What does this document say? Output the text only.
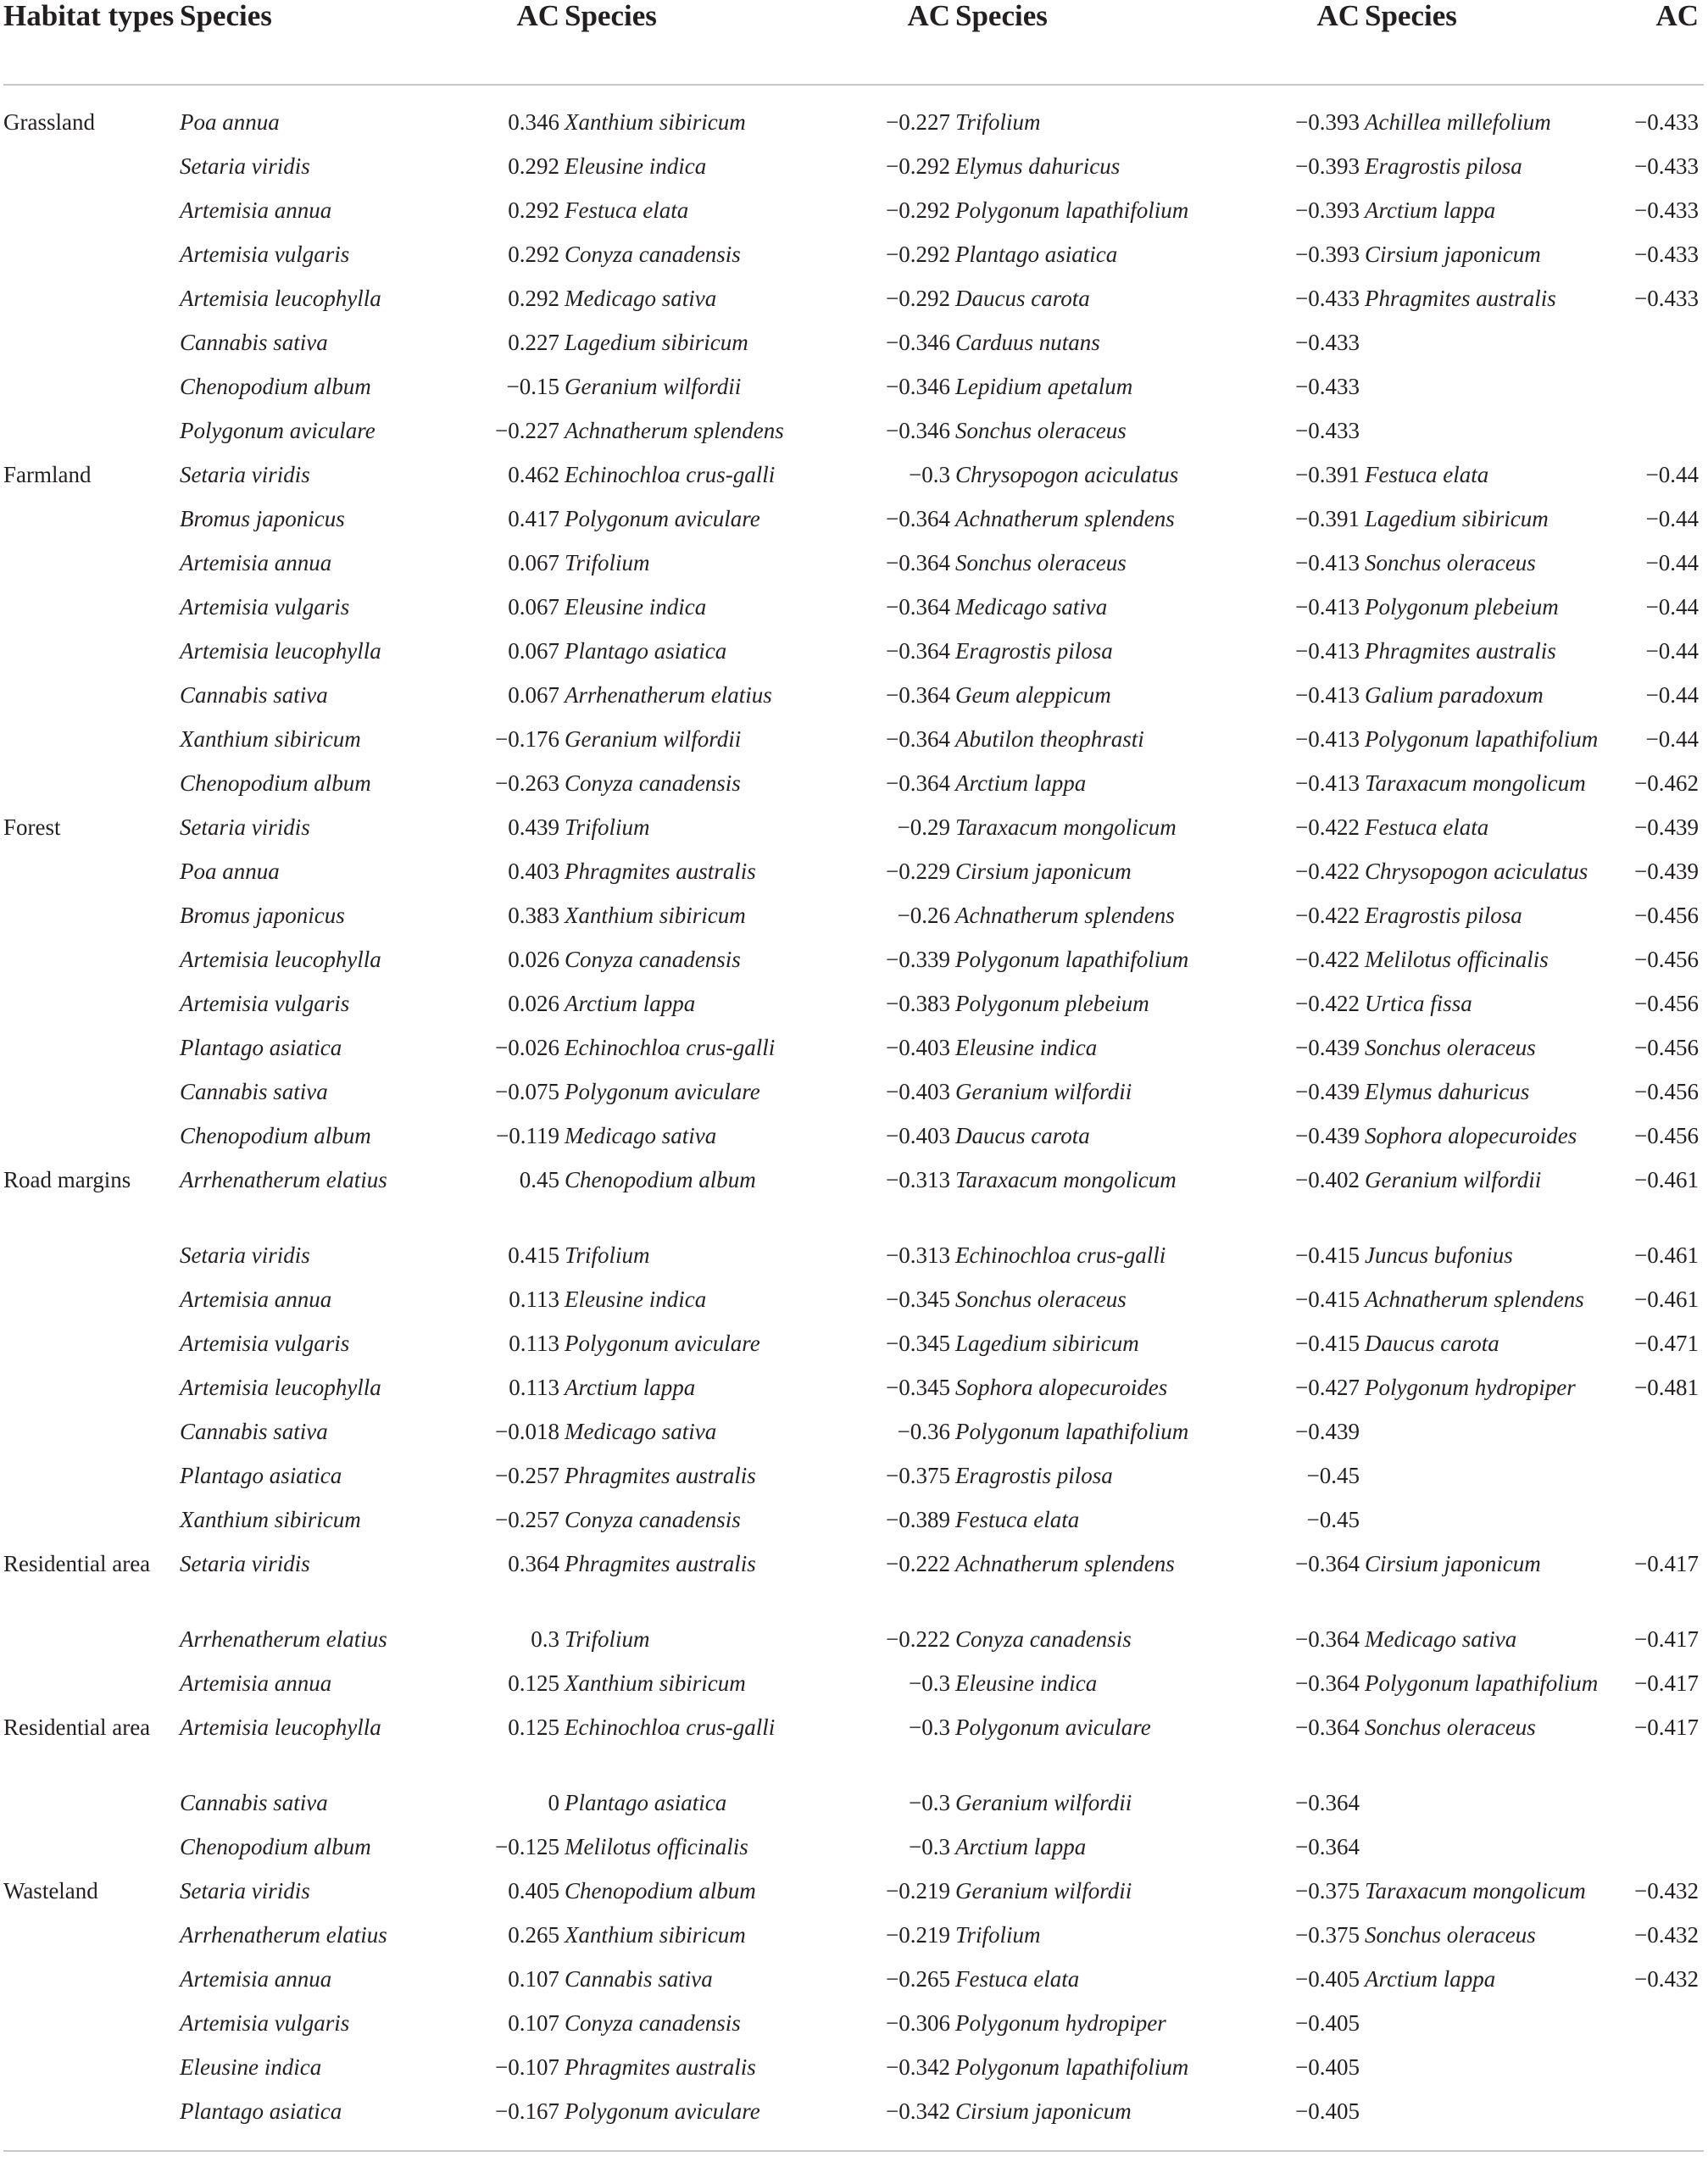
Habitat types	Species	AC	Species	AC	Species	AC	Species	AC
Grassland	Poa annua	0.346	Xanthium sibiricum	−0.227	Trifolium	−0.393	Achillea millefolium	−0.433
	Setaria viridis	0.292	Eleusine indica	−0.292	Elymus dahuricus	−0.393	Eragrostis pilosa	−0.433
	Artemisia annua	0.292	Festuca elata	−0.292	Polygonum lapathifolium	−0.393	Arctium lappa	−0.433
	Artemisia vulgaris	0.292	Conyza canadensis	−0.292	Plantago asiatica	−0.393	Cirsium japonicum	−0.433
	Artemisia leucophylla	0.292	Medicago sativa	−0.292	Daucus carota	−0.433	Phragmites australis	−0.433
	Cannabis sativa	0.227	Lagedium sibiricum	−0.346	Carduus nutans	−0.433		
	Chenopodium album	−0.15	Geranium wilfordii	−0.346	Lepidium apetalum	−0.433		
	Polygonum aviculare	−0.227	Achnatherum splendens	−0.346	Sonchus oleraceus	−0.433		
Farmland	Setaria viridis	0.462	Echinochloa crus-galli	−0.3	Chrysopogon aciculatus	−0.391	Festuca elata	−0.44
	Bromus japonicus	0.417	Polygonum aviculare	−0.364	Achnatherum splendens	−0.391	Lagedium sibiricum	−0.44
	Artemisia annua	0.067	Trifolium	−0.364	Sonchus oleraceus	−0.413	Sonchus oleraceus	−0.44
	Artemisia vulgaris	0.067	Eleusine indica	−0.364	Medicago sativa	−0.413	Polygonum plebeium	−0.44
	Artemisia leucophylla	0.067	Plantago asiatica	−0.364	Eragrostis pilosa	−0.413	Phragmites australis	−0.44
	Cannabis sativa	0.067	Arrhenatherum elatius	−0.364	Geum aleppicum	−0.413	Galium paradoxum	−0.44
	Xanthium sibiricum	−0.176	Geranium wilfordii	−0.364	Abutilon theophrasti	−0.413	Polygonum lapathifolium	−0.44
	Chenopodium album	−0.263	Conyza canadensis	−0.364	Arctium lappa	−0.413	Taraxacum mongolicum	−0.462
Forest	Setaria viridis	0.439	Trifolium	−0.29	Taraxacum mongolicum	−0.422	Festuca elata	−0.439
	Poa annua	0.403	Phragmites australis	−0.229	Cirsium japonicum	−0.422	Chrysopogon aciculatus	−0.439
	Bromus japonicus	0.383	Xanthium sibiricum	−0.26	Achnatherum splendens	−0.422	Eragrostis pilosa	−0.456
	Artemisia leucophylla	0.026	Conyza canadensis	−0.339	Polygonum lapathifolium	−0.422	Melilotus officinalis	−0.456
	Artemisia vulgaris	0.026	Arctium lappa	−0.383	Polygonum plebeium	−0.422	Urtica fissa	−0.456
	Plantago asiatica	−0.026	Echinochloa crus-galli	−0.403	Eleusine indica	−0.439	Sonchus oleraceus	−0.456
	Cannabis sativa	−0.075	Polygonum aviculare	−0.403	Geranium wilfordii	−0.439	Elymus dahuricus	−0.456
	Chenopodium album	−0.119	Medicago sativa	−0.403	Daucus carota	−0.439	Sophora alopecuroides	−0.456
Road margins	Arrhenatherum elatius	0.45	Chenopodium album	−0.313	Taraxacum mongolicum	−0.402	Geranium wilfordii	−0.461
	Setaria viridis	0.415	Trifolium	−0.313	Echinochloa crus-galli	−0.415	Juncus bufonius	−0.461
	Artemisia annua	0.113	Eleusine indica	−0.345	Sonchus oleraceus	−0.415	Achnatherum splendens	−0.461
	Artemisia vulgaris	0.113	Polygonum aviculare	−0.345	Lagedium sibiricum	−0.415	Daucus carota	−0.471
	Artemisia leucophylla	0.113	Arctium lappa	−0.345	Sophora alopecuroides	−0.427	Polygonum hydropiper	−0.481
	Cannabis sativa	−0.018	Medicago sativa	−0.36	Polygonum lapathifolium	−0.439		
	Plantago asiatica	−0.257	Phragmites australis	−0.375	Eragrostis pilosa	−0.45		
	Xanthium sibiricum	−0.257	Conyza canadensis	−0.389	Festuca elata	−0.45		
Residential area	Setaria viridis	0.364	Phragmites australis	−0.222	Achnatherum splendens	−0.364	Cirsium japonicum	−0.417
	Arrhenatherum elatius	0.3	Trifolium	−0.222	Conyza canadensis	−0.364	Medicago sativa	−0.417
	Artemisia annua	0.125	Xanthium sibiricum	−0.3	Eleusine indica	−0.364	Polygonum lapathifolium	−0.417
Residential area	Artemisia leucophylla	0.125	Echinochloa crus-galli	−0.3	Polygonum aviculare	−0.364	Sonchus oleraceus	−0.417
	Cannabis sativa	0	Plantago asiatica	−0.3	Geranium wilfordii	−0.364		
	Chenopodium album	−0.125	Melilotus officinalis	−0.3	Arctium lappa	−0.364		
Wasteland	Setaria viridis	0.405	Chenopodium album	−0.219	Geranium wilfordii	−0.375	Taraxacum mongolicum	−0.432
	Arrhenatherum elatius	0.265	Xanthium sibiricum	−0.219	Trifolium	−0.375	Sonchus oleraceus	−0.432
	Artemisia annua	0.107	Cannabis sativa	−0.265	Festuca elata	−0.405	Arctium lappa	−0.432
	Artemisia vulgaris	0.107	Conyza canadensis	−0.306	Polygonum hydropiper	−0.405		
	Eleusine indica	−0.107	Phragmites australis	−0.342	Polygonum lapathifolium	−0.405		
	Plantago asiatica	−0.167	Polygonum aviculare	−0.342	Cirsium japonicum	−0.405		
